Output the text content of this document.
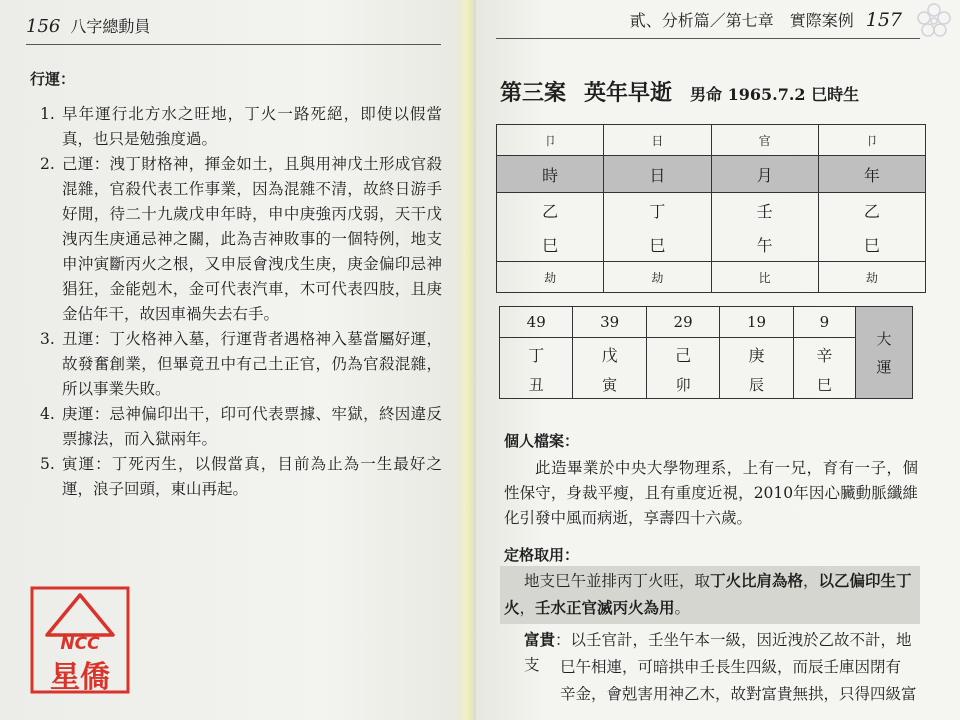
156 八字總動員
行運：
1. 早年運行北方水之旺地，丁火一路死絕，即使以假當真，也只是勉強度過。
2. 己運：洩丁財格神，揮金如土，且與用神戊土形成官殺混雜，官殺代表工作事業，因為混雜不清，故終日游手好閒，待二十九歲戊申年時，申中庚強丙戊弱，天干戊洩丙生庚通忌神之關，此為吉神敗事的一個特例，地支申沖寅斷丙火之根，又申辰會洩戊生庚，庚金偏印忌神猖狂，金能剋木，金可代表汽車，木可代表四肢，且庚金佔年干，故因車禍失去右手。
3. 丑運：丁火格神入墓，行運背者遇格神入墓當屬好運，故發奮創業，但畢竟丑中有己土正官，仍為官殺混雜，所以事業失敗。
4. 庚運：忌神偏印出干，印可代表票據、牢獄，終因違反票據法，而入獄兩年。
5. 寅運：丁死丙生，以假當真，目前為止為一生最好之運，浪子回頭，東山再起。
NCC
星僑
貳、分析篇／第七章　實際案例 157
第三案 英年早逝 男命 1965.7.2 巳時生
卩	日	官	卩
時	日	月	年
乙	丁	壬	乙
巳	巳	午	巳
劫	劫	比	劫
49	39	29	19	9	大運
丁	戊	己	庚	辛	
丑	寅	卯	辰	巳	
個人檔案：
此造畢業於中央大學物理系，上有一兄，育有一子，個性保守，身裁平瘦，且有重度近視，2010年因心臟動脈纖維化引發中風而病逝，享壽四十六歲。
定格取用：
地支巳午並排丙丁火旺，取丁火比肩為格，以乙偏印生丁
火，壬水正官滅丙火為用。
富貴：以壬官計，壬坐午本一級，因近洩於乙故不計，地支	巳午相連，可暗拱申壬長生四級，而辰壬庫因閉有
辛金，會剋害用神乙木，故對富貴無拱，只得四級富
